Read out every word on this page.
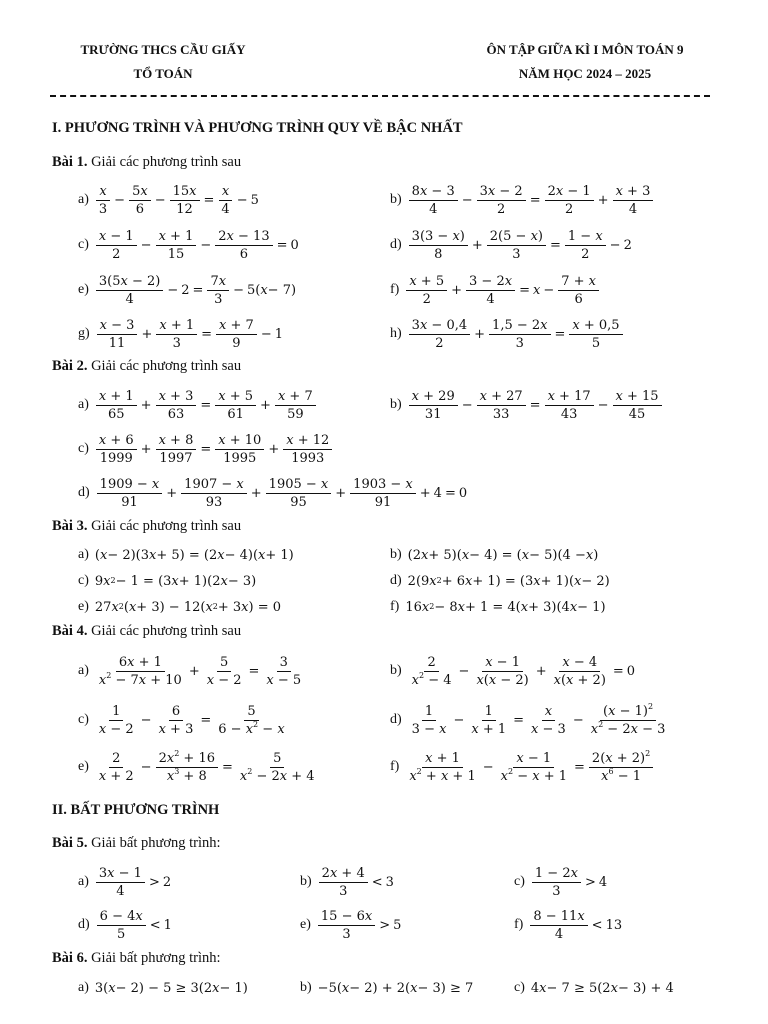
TRƯỜNG THCS CẦU GIẤY
TỔ TOÁN
ÔN TẬP GIỮA KÌ I MÔN TOÁN 9
NĂM HỌC 2024 – 2025
I. PHƯƠNG TRÌNH VÀ PHƯƠNG TRÌNH QUY VỀ BẬC NHẤT
Bài 1. Giải các phương trình sau
$a) \frac{x}{3} - \frac{5x}{6} - \frac{15x}{12} = \frac{x}{4} - 5$	$b) \frac{8x - 3}{4} - \frac{3x - 2}{2} = \frac{2x - 1}{2} + \frac{x + 3}{4}$
$c) \frac{x - 1}{2} - \frac{x + 1}{15} - \frac{2x - 13}{6} = 0$	$d) \frac{3(3 - x)}{8} + \frac{2(5 - x)}{3} = \frac{1 - x}{2} - 2$
$e) \frac{3(5x - 2)}{4} - 2 = \frac{7x}{3} - 5$( x − 7)	$f) \frac{x + 5}{2} + \frac{3 - 2x}{4} = x - \frac{7 + x}{6}$
$g) \frac{x - 3}{11} + \frac{x + 1}{3} = \frac{x + 7}{9} - 1$	$h) \frac{3x - 0,4}{2} + \frac{1,5 - 2x}{3} = \frac{x + 0,5}{5}$
Bài 2. Giải các phương trình sau
$a) \frac{x + 1}{65} + \frac{x + 3}{63} = \frac{x + 5}{61} + \frac{x + 7}{59}$	$b) \frac{x + 29}{31} - \frac{x + 27}{33} = \frac{x + 17}{43} - \frac{x + 15}{45}$
$c) \frac{x + 6}{1999} + \frac{x + 8}{1997} = \frac{x + 10}{1995} + \frac{x + 12}{1993}$
$d) \frac{1909 - x}{91} + \frac{1907 - x}{93} + \frac{1905 - x}{95} + \frac{1903 - x}{91} + 4 = 0$
Bài 3. Giải các phương trình sau
a) ( x − 2)(3 x + 5) = (2 x − 4)( x + 1)	b) (2 x + 5)( x − 4) = ( x − 5)(4 − x )
c) 9 x 2 − 1 = (3 x + 1)(2 x − 3)	d) 2(9 x 2 + 6 x + 1) = (3 x + 1)( x − 2)
e) 27 x 2 ( x + 3) − 12( x 2 + 3 x ) = 0	f) 16 x 2 − 8 x + 1 = 4( x + 3)(4 x − 1)
Bài 4. Giải các phương trình sau
$a) \frac{6x + 1}{x^2 - 7x + 10} + \frac{5}{x - 2} = \frac{3}{x - 5}$	$b) \frac{2}{x^2 - 4} - \frac{x - 1}{x(x - 2)} + \frac{x - 4}{x(x + 2)} = 0$
$c) \frac{1}{x - 2} - \frac{6}{x + 3} = \frac{5}{6 - x^2 - x}$	$d) \frac{1}{3 - x} - \frac{1}{x + 1} = \frac{x}{x - 3} - \frac{(x - 1)^2}{x^2 - 2x - 3}$
$e) \frac{2}{x + 2} - \frac{2x^2 + 16}{x^3 + 8} = \frac{5}{x^2 - 2x + 4}$	$f) \frac{x + 1}{x^2 + x + 1} - \frac{x - 1}{x^2 - x + 1} = \frac{2(x + 2)^2}{x^6 - 1}$
II. BẤT PHƯƠNG TRÌNH
Bài 5. Giải bất phương trình:
$a) \frac{3x - 1}{4} > 2$	$b) \frac{2x + 4}{3} < 3$	$c) \frac{1 - 2x}{3} > 4$
$d) \frac{6 - 4x}{5} < 1$	$e) \frac{15 - 6x}{3} > 5$	$f) \frac{8 - 11x}{4} < 13$
Bài 6. Giải bất phương trình:
a) 3( x − 2) − 5 ≥ 3(2 x − 1)	b) −5( x − 2) + 2( x − 3) ≥ 7	c) 4 x − 7 ≥ 5(2 x − 3) + 4
